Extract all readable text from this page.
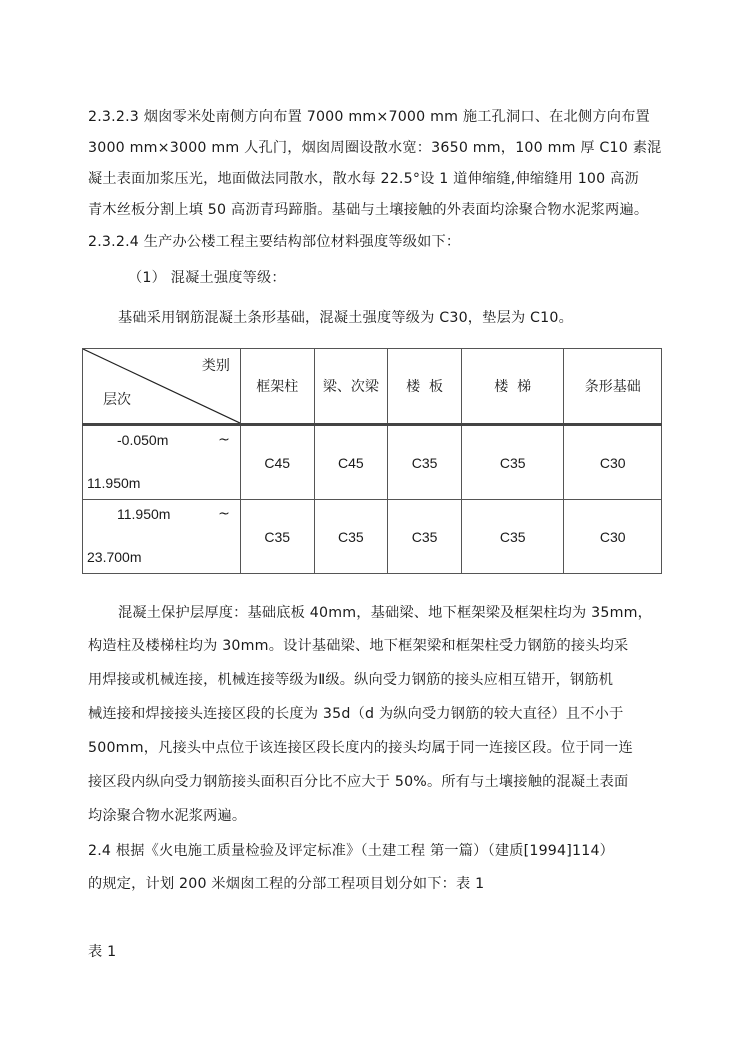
2.3.2.3 烟囱零米处南侧方向布置 7000 mm×7000 mm 施工孔洞口、在北侧方向布置
3000 mm×3000 mm 人孔门，烟囱周圈设散水宽：3650 mm，100 mm 厚 C10 素混
凝土表面加浆压光，地面做法同散水，散水每 22.5°设 1 道伸缩缝,伸缩缝用 100 高沥
青木丝板分割上填 50 高沥青玛蹄脂。基础与土壤接触的外表面均涂聚合物水泥浆两遍。
2.3.2.4 生产办公楼工程主要结构部位材料强度等级如下：
（1） 混凝土强度等级：
基础采用钢筋混凝土条形基础，混凝土强度等级为 C30，垫层为 C10。
类别
层次	框架柱	梁、次梁	楼  板	楼  梯	条形基础

-0.050m ~
11.950m	C45	C45	C35	C35	C30

11.950m ~
23.700m	C35	C35	C35	C35	C30
混凝土保护层厚度：基础底板 40mm，基础梁、地下框架梁及框架柱均为 35mm，
构造柱及楼梯柱均为 30mm。设计基础梁、地下框架梁和框架柱受力钢筋的接头均采
用焊接或机械连接，机械连接等级为Ⅱ级。纵向受力钢筋的接头应相互错开，钢筋机
械连接和焊接接头连接区段的长度为 35d（d 为纵向受力钢筋的较大直径）且不小于
500mm，凡接头中点位于该连接区段长度内的接头均属于同一连接区段。位于同一连
接区段内纵向受力钢筋接头面积百分比不应大于 50%。所有与土壤接触的混凝土表面
均涂聚合物水泥浆两遍。
2.4 根据《火电施工质量检验及评定标准》（土建工程 第一篇）（建质[1994]114）
的规定，计划 200 米烟囱工程的分部工程项目划分如下：表 1
表 1
